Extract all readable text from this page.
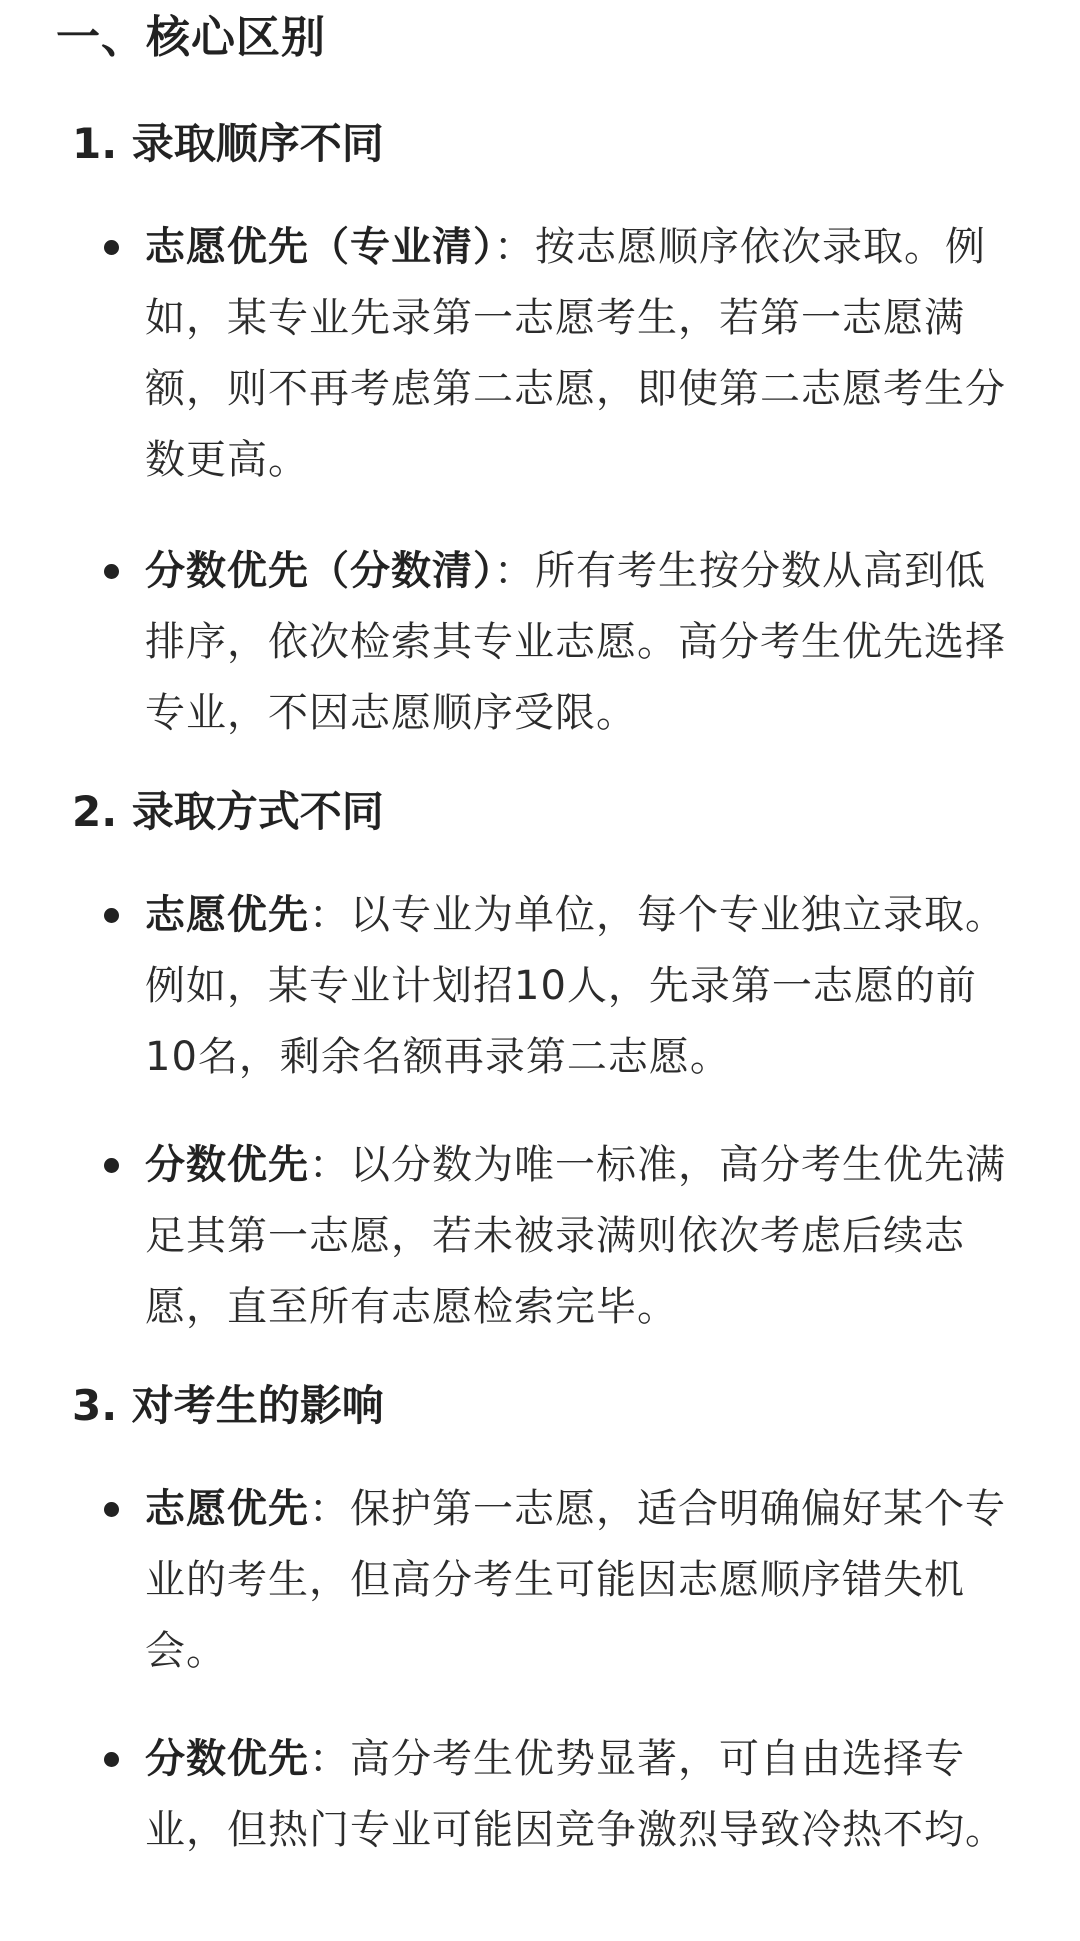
一、核心区别
1. 录取顺序不同
志愿优先（专业清）：按志愿顺序依次录取。例如，某专业先录第一志愿考生，若第一志愿满额，则不再考虑第二志愿，即使第二志愿考生分数更高。
分数优先（分数清）：所有考生按分数从高到低排序，依次检索其专业志愿。高分考生优先选择专业，不因志愿顺序受限。
2. 录取方式不同
志愿优先：以专业为单位，每个专业独立录取。例如，某专业计划招10人，先录第一志愿的前10名，剩余名额再录第二志愿。
分数优先：以分数为唯一标准，高分考生优先满足其第一志愿，若未被录满则依次考虑后续志愿，直至所有志愿检索完毕。
3. 对考生的影响
志愿优先：保护第一志愿，适合明确偏好某个专业的考生，但高分考生可能因志愿顺序错失机会。
分数优先：高分考生优势显著，可自由选择专业，但热门专业可能因竞争激烈导致冷热不均。
